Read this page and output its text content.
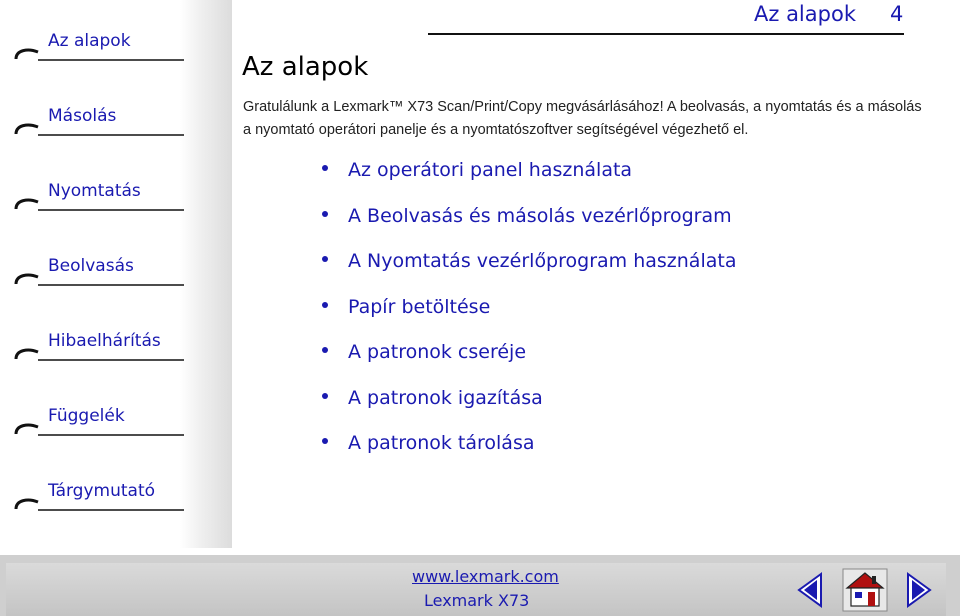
Az alapok
Másolás
Nyomtatás
Beolvasás
Hibaelhárítás
Függelék
Tárgymutató
Az alapok 4
Az alapok

Gratulálunk a Lexmark™ X73 Scan/Print/Copy megvásárlásához! A beolvasás, a nyomtatás és a másolás a nyomtató operátori panelje és a nyomtatószoftver segítségével végezhető el.

Az operátori panel használata
A Beolvasás és másolás vezérlőprogram
A Nyomtatás vezérlőprogram használata
Papír betöltése
A patronok cseréje
A patronok igazítása
A patronok tárolása
www.lexmark.com
Lexmark X73
